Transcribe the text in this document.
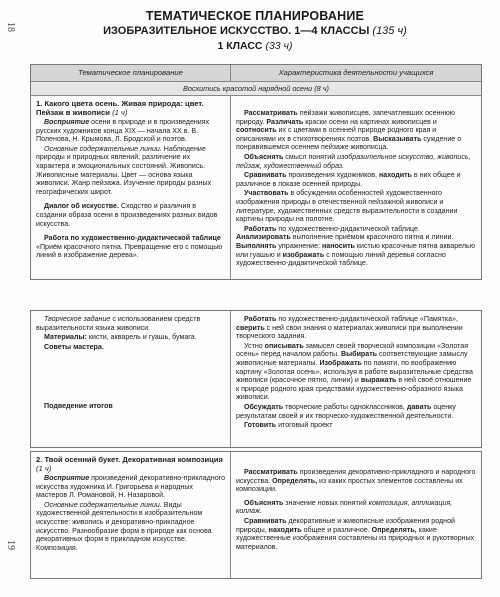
18
19
ТЕМАТИЧЕСКОЕ ПЛАНИРОВАНИЕ
ИЗОБРАЗИТЕЛЬНОЕ ИСКУССТВО. 1—4 КЛАССЫ (135 ч)
1 КЛАСС (33 ч)
Тематическое планирование	Характеристика деятельности учащихся
Восхитись красотой нарядной осени (8 ч)
1. Какого цвета осень. Живая природа: цвет. Пейзаж в живописи (1 ч)
Восприятие осени в природе и в произведениях русских художников конца XIX — начала XX в. В. Поленова, Н. Крымова, Л. Бродской и поэтов.
Основные содержательные линии. Наблюдение природы и природных явлений, различение их характера и эмоциональных состояний. Живопись. Живописные материалы. Цвет — основа языка живописи. Жанр пейзажа. Изучение природы разных географических широт.
Диалог об искусстве. Сходство и различия в создании образа осени в произведениях разных видов искусства.
Работа по художественно-дидактической таблице «Приём красочного пятна. Превращение его с помощью линий в изображение дерева».
Рассматривать пейзажи живописцев, запечатлевших осеннюю природу. Различать краски осени на картинах живописцев и соотносить их с цветами в осенней природе родного края и описаниями их в стихотворениях поэтов. Высказывать суждение о понравившемся осеннем пейзаже живописца.
Объяснять смысл понятий изобразительное искусство, живопись, пейзаж, художественный образ.
Сравнивать произведения художников, находить в них общее и различное в показе осенней природы.
Участвовать в обсуждении особенностей художественного изображения природы в отечественной пейзажной живописи и литературе, художественных средств выразительности в создании картины природы на полотне.
Работать по художественно-дидактической таблице. Анализировать выполнение приёмом красочного пятна и линии. Выполнять упражнение: наносить кистью красочные пятна акварелью или гуашью и изображать с помощью линий деревья согласно художественно-дидактической таблице.
Творческое задание с использованием средств выразительности языка живописи.
Материалы: кисти, акварель и гуашь, бумага.
Советы мастера.
Подведение итогов
Работать по художественно-дидактической таблице «Памятка», сверить с ней свои знания о материалах живописи при выполнении творческого задания.
Устно описывать замысел своей творческой композиции «Золотая осень» перед началом работы. Выбирать соответствующие замыслу живописные материалы. Изображать по памяти, по воображению картину «Золотая осень», используя в работе выразительные средства живописи (красочное пятно, линии) и выражать в ней своё отношение к природе родного края средствами художественно-образного языка живописи.
Обсуждать творческие работы одноклассников, давать оценку результатам своей и их творческо-художественной деятельности.
Готовить итоговый проект
2. Твой осенний букет. Декоративная композиция (1 ч)
Восприятие произведений декоративно-прикладного искусства художника И. Григорьева и народных мастеров Л. Романовой, Н. Назаровой.
Основные содержательные линии. Виды художественной деятельности в изобразительном искусстве: живопись и декоративно-прикладное искусство. Разнообразие форм в природе как основа декоративных форм в прикладном искусстве. Композиция.
Рассматривать произведения декоративно-прикладного и народного искусства. Определять, из каких простых элементов составлены их композиции.
Объяснять значение новых понятий композиция, аппликация, коллаж.
Сравнивать декоративные и живописные изображения родной природы, находить общее и различное. Определять, какие художественные изображения составлены из природных и рукотворных материалов.
